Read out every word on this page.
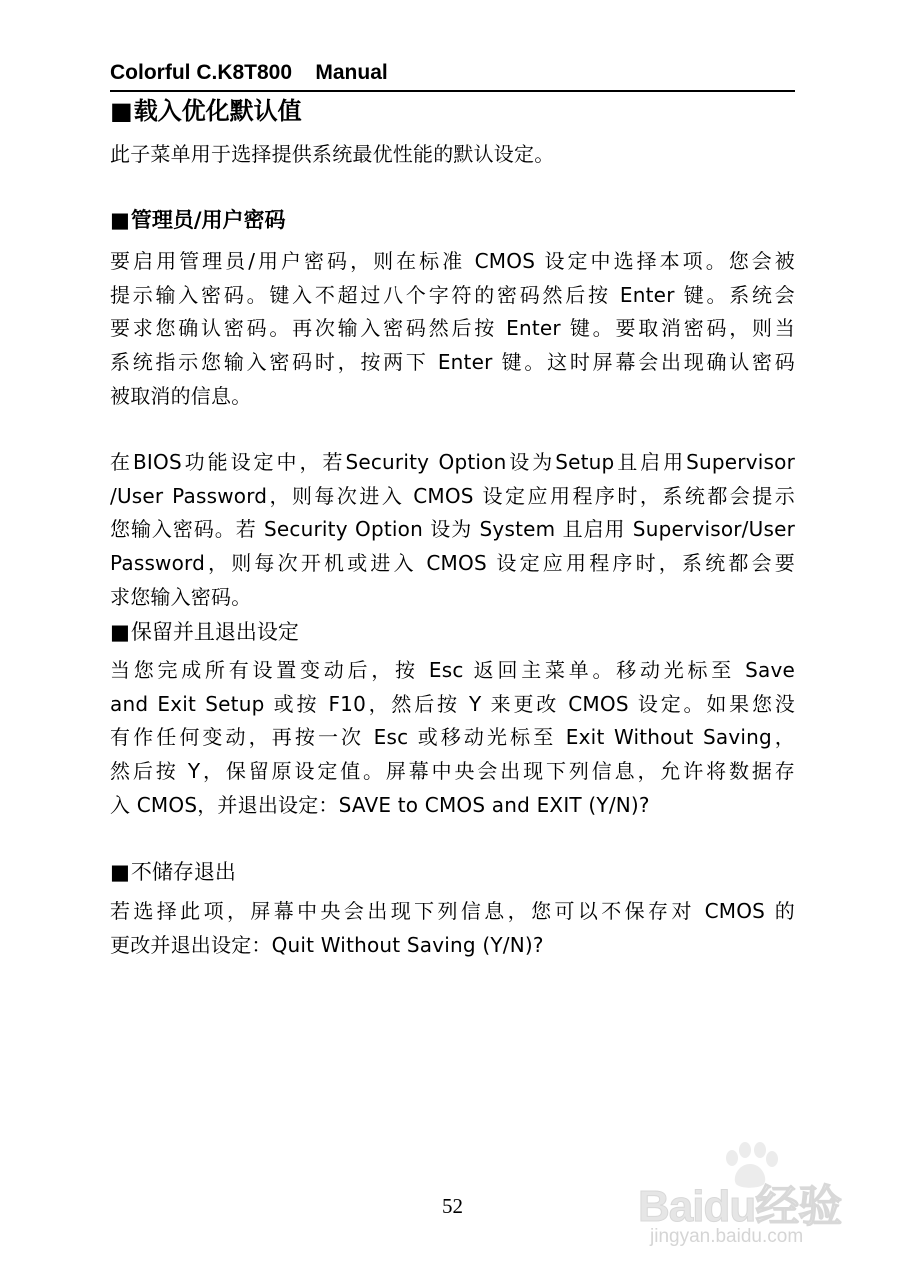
Colorful C.K8T800    Manual
■载入优化默认值
此子菜单用于选择提供系统最优性能的默认设定。
■管理员/用户密码
要启用管理员/用户密码，则在标准 CMOS 设定中选择本项。您会被
提示输入密码。键入不超过八个字符的密码然后按 Enter 键。系统会
要求您确认密码。再次输入密码然后按 Enter 键。要取消密码，则当
系统指示您输入密码时，按两下 Enter 键。这时屏幕会出现确认密码
被取消的信息。
在BIOS功能设定中，若Security Option设为Setup且启用Supervisor
/User Password，则每次进入 CMOS 设定应用程序时，系统都会提示
您输入密码。若 Security Option 设为 System 且启用 Supervisor/User
Password，则每次开机或进入 CMOS 设定应用程序时，系统都会要
求您输入密码。
■保留并且退出设定
当您完成所有设置变动后，按 Esc 返回主菜单。移动光标至 Save
and Exit Setup 或按 F10，然后按 Y 来更改 CMOS 设定。如果您没
有作任何变动，再按一次 Esc 或移动光标至 Exit Without Saving，
然后按 Y，保留原设定值。屏幕中央会出现下列信息，允许将数据存
入 CMOS，并退出设定：SAVE to CMOS and EXIT (Y/N)?
■不储存退出
若选择此项，屏幕中央会出现下列信息，您可以不保存对 CMOS 的
更改并退出设定：Quit Without Saving (Y/N)?
52	Baidu经验
jingyan.baidu.com
